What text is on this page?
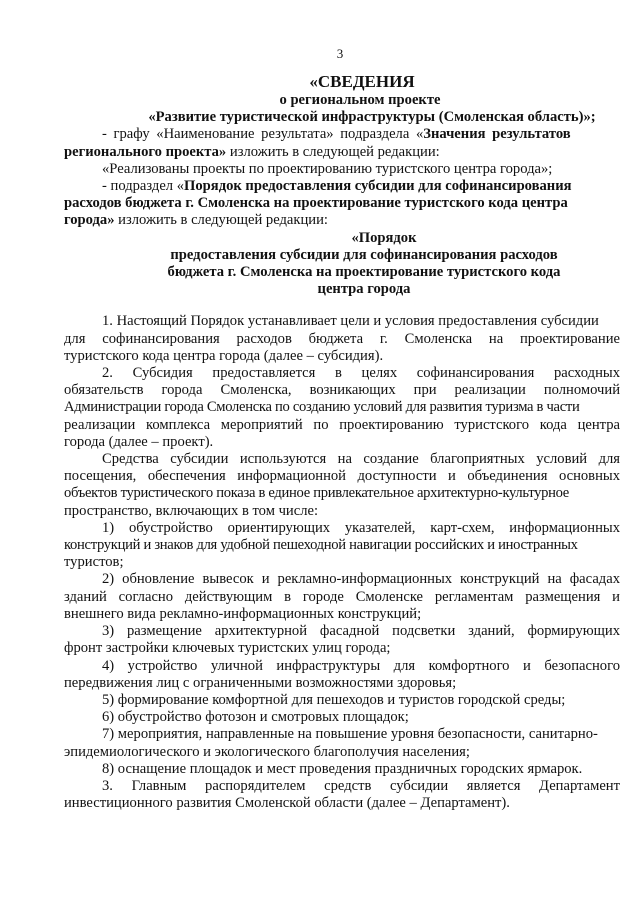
3
«СВЕДЕНИЯ
о региональном проекте
«Развитие туристической инфраструктуры (Смоленская область)»;
- графу «Наименование результата» подраздела «Значения результатов
регионального проекта» изложить в следующей редакции:
«Реализованы проекты по проектированию туристского центра города»;
- подраздел «Порядок предоставления субсидии для софинансирования
расходов бюджета г. Смоленска на проектирование туристского кода центра
города» изложить в следующей редакции:
«Порядок
предоставления субсидии для софинансирования расходов
бюджета г. Смоленска на проектирование туристского кода
центра города
1. Настоящий Порядок устанавливает цели и условия предоставления субсидии
для софинансирования расходов бюджета г. Смоленска на проектирование
туристского кода центра города (далее – субсидия).
2. Субсидия предоставляется в целях софинансирования расходных
обязательств города Смоленска, возникающих при реализации полномочий
Администрации города Смоленска по созданию условий для развития туризма в части
реализации комплекса мероприятий по проектированию туристского кода центра
города (далее – проект).
Средства субсидии используются на создание благоприятных условий для
посещения, обеспечения информационной доступности и объединения основных
объектов туристического показа в единое привлекательное архитектурно-культурное
пространство, включающих в том числе:
1) обустройство ориентирующих указателей, карт-схем, информационных
конструкций и знаков для удобной пешеходной навигации российских и иностранных
туристов;
2) обновление вывесок и рекламно-информационных конструкций на фасадах
зданий согласно действующим в городе Смоленске регламентам размещения и
внешнего вида рекламно-информационных конструкций;
3) размещение архитектурной фасадной подсветки зданий, формирующих
фронт застройки ключевых туристских улиц города;
4) устройство уличной инфраструктуры для комфортного и безопасного
передвижения лиц с ограниченными возможностями здоровья;
5) формирование комфортной для пешеходов и туристов городской среды;
6) обустройство фотозон и смотровых площадок;
7) мероприятия, направленные на повышение уровня безопасности, санитарно-
эпидемиологического и экологического благополучия населения;
8) оснащение площадок и мест проведения праздничных городских ярмарок.
3. Главным распорядителем средств субсидии является Департамент
инвестиционного развития Смоленской области (далее – Департамент).
